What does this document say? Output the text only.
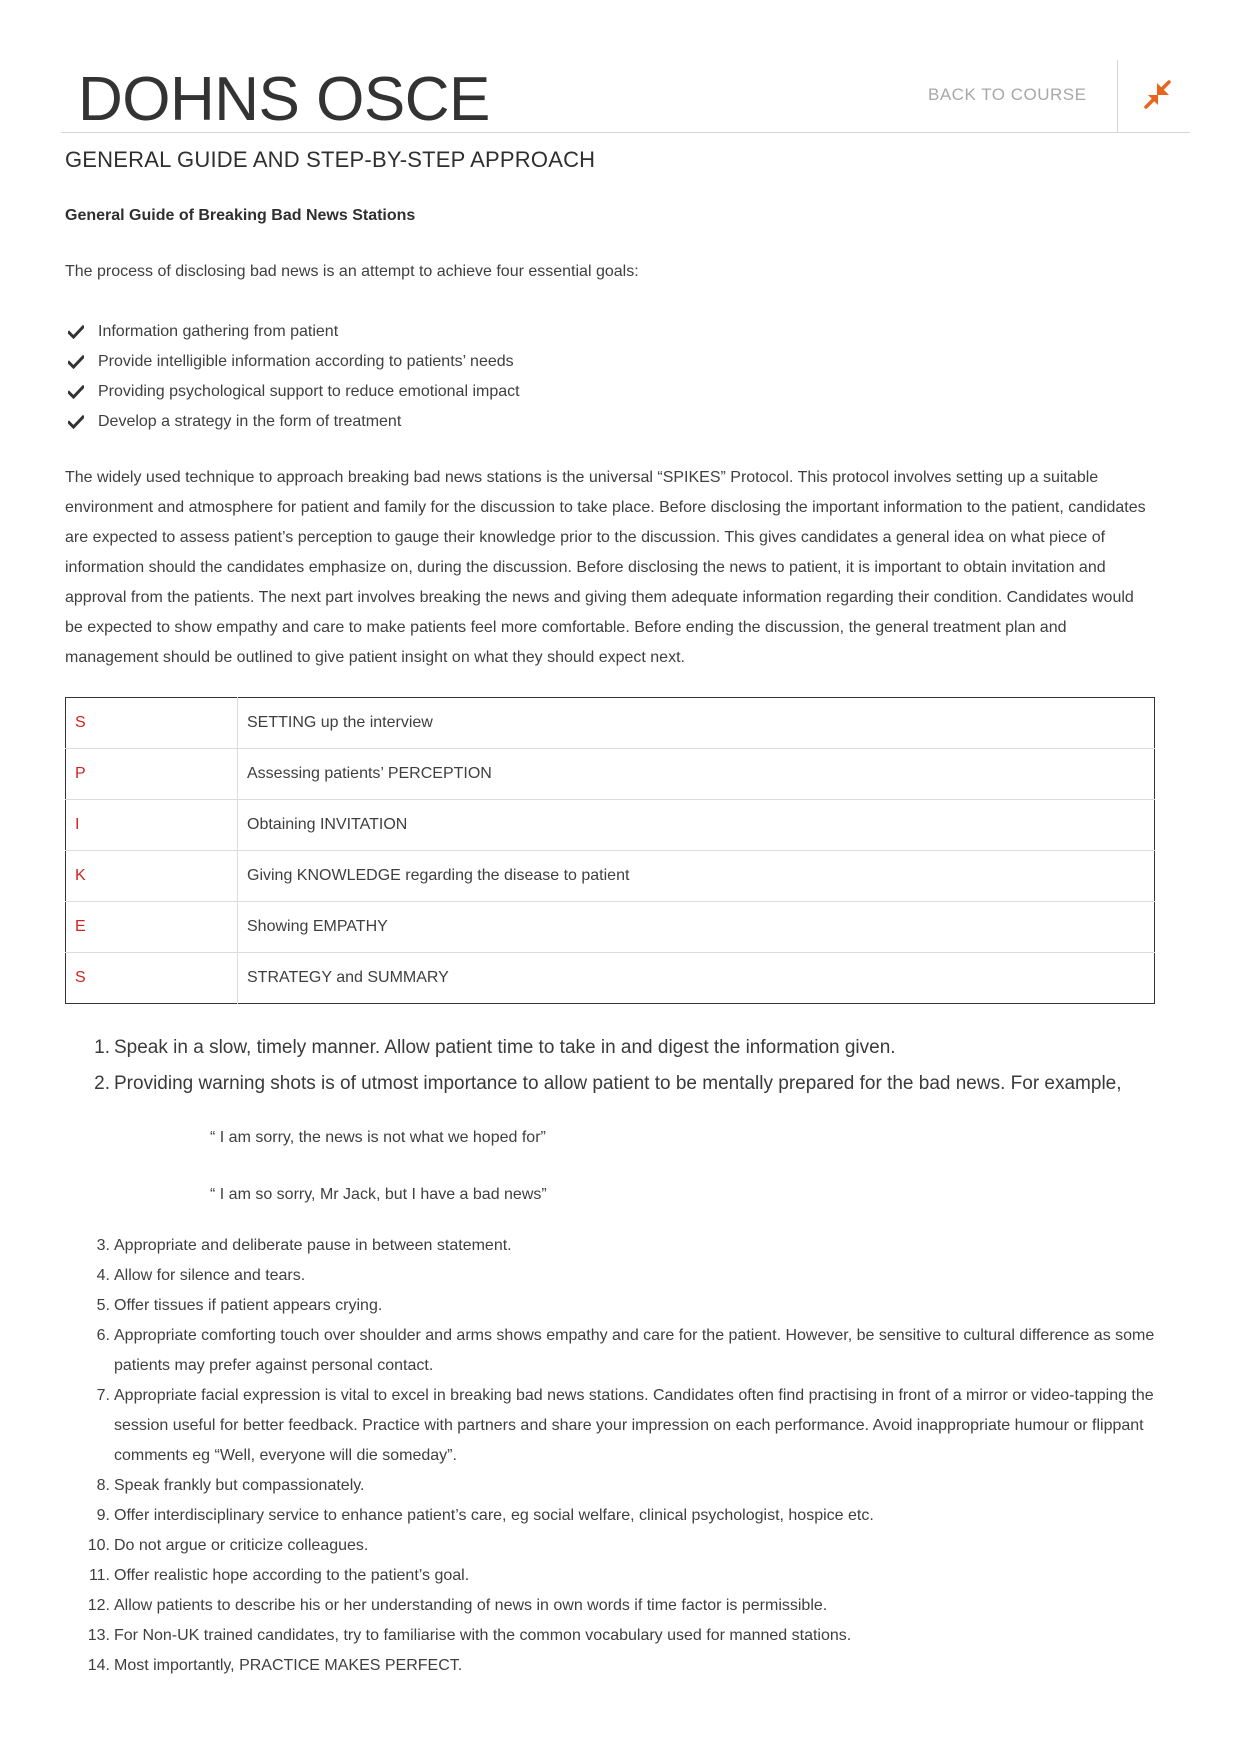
DOHNS OSCE	BACK TO COURSE
GENERAL GUIDE AND STEP-BY-STEP APPROACH
General Guide of Breaking Bad News Stations

The process of disclosing bad news is an attempt to achieve four essential goals:

Information gathering from patient
Provide intelligible information according to patients’ needs
Providing psychological support to reduce emotional impact
Develop a strategy in the form of treatment

The widely used technique to approach breaking bad news stations is the universal “SPIKES” Protocol. This protocol involves setting up a suitable environment and atmosphere for patient and family for the discussion to take place. Before disclosing the important information to the patient, candidates are expected to assess patient’s perception to gauge their knowledge prior to the discussion. This gives candidates a general idea on what piece of information should the candidates emphasize on, during the discussion. Before disclosing the news to patient, it is important to obtain invitation and approval from the patients. The next part involves breaking the news and giving them adequate information regarding their condition. Candidates would be expected to show empathy and care to make patients feel more comfortable. Before ending the discussion, the general treatment plan and management should be outlined to give patient insight on what they should expect next.

S	SETTING up the interview
P	Assessing patients’ PERCEPTION
I	Obtaining INVITATION
K	Giving KNOWLEDGE regarding the disease to patient
E	Showing EMPATHY
S	STRATEGY and SUMMARY
1. Speak in a slow, timely manner. Allow patient time to take in and digest the information given.
2. Providing warning shots is of utmost importance to allow patient to be mentally prepared for the bad news. For example,

“ I am sorry, the news is not what we hoped for”

“ I am so sorry, Mr Jack, but I have a bad news”

3. Appropriate and deliberate pause in between statement.
4. Allow for silence and tears.
5. Offer tissues if patient appears crying.
6. Appropriate comforting touch over shoulder and arms shows empathy and care for the patient. However, be sensitive to cultural difference as some patients may prefer against personal contact.
7. Appropriate facial expression is vital to excel in breaking bad news stations. Candidates often find practising in front of a mirror or video-tapping the session useful for better feedback. Practice with partners and share your impression on each performance. Avoid inappropriate humour or flippant comments eg “Well, everyone will die someday”.
8. Speak frankly but compassionately.
9. Offer interdisciplinary service to enhance patient’s care, eg social welfare, clinical psychologist, hospice etc.
10. Do not argue or criticize colleagues.
11. Offer realistic hope according to the patient’s goal.
12. Allow patients to describe his or her understanding of news in own words if time factor is permissible.
13. For Non-UK trained candidates, try to familiarise with the common vocabulary used for manned stations.
14. Most importantly, PRACTICE MAKES PERFECT.
